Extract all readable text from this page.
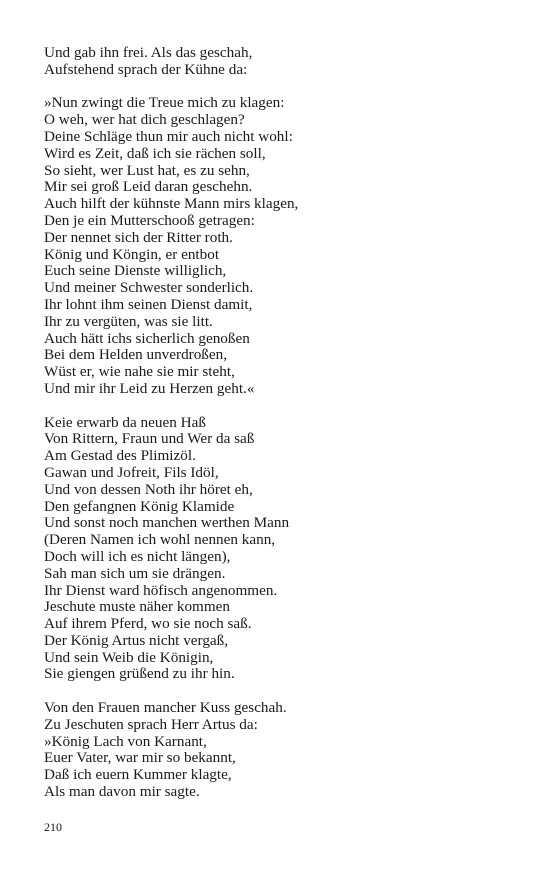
Und gab ihn frei. Als das geschah,
Aufstehend sprach der Kühne da:
»Nun zwingt die Treue mich zu klagen:
O weh, wer hat dich geschlagen?
Deine Schläge thun mir auch nicht wohl:
Wird es Zeit, daß ich sie rächen soll,
So sieht, wer Lust hat, es zu sehn,
Mir sei groß Leid daran geschehn.
Auch hilft der kühnste Mann mirs klagen,
Den je ein Mutterschooß getragen:
Der nennet sich der Ritter roth.
König und Köngin, er entbot
Euch seine Dienste williglich,
Und meiner Schwester sonderlich.
Ihr lohnt ihm seinen Dienst damit,
Ihr zu vergüten, was sie litt.
Auch hätt ichs sicherlich genoßen
Bei dem Helden unverdroßen,
Wüst er, wie nahe sie mir steht,
Und mir ihr Leid zu Herzen geht.«
Keie erwarb da neuen Haß
Von Rittern, Fraun und Wer da saß
Am Gestad des Plimizöl.
Gawan und Jofreit, Fils Idöl,
Und von dessen Noth ihr höret eh,
Den gefangnen König Klamide
Und sonst noch manchen werthen Mann
(Deren Namen ich wohl nennen kann,
Doch will ich es nicht längen),
Sah man sich um sie drängen.
Ihr Dienst ward höfisch angenommen.
Jeschute muste näher kommen
Auf ihrem Pferd, wo sie noch saß.
Der König Artus nicht vergaß,
Und sein Weib die Königin,
Sie giengen grüßend zu ihr hin.
Von den Frauen mancher Kuss geschah.
Zu Jeschuten sprach Herr Artus da:
»König Lach von Karnant,
Euer Vater, war mir so bekannt,
Daß ich euern Kummer klagte,
Als man davon mir sagte.
210
